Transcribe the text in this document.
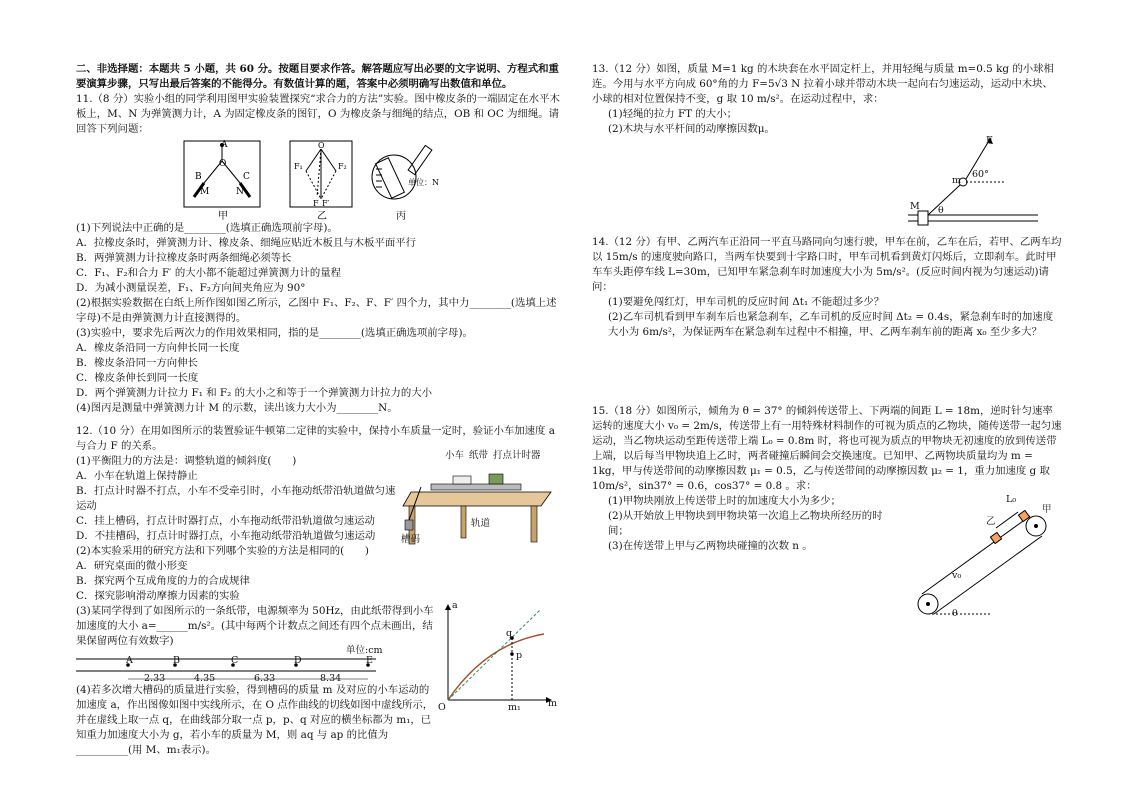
二、非选择题：本题共 5 小题，共 60 分。按题目要求作答。解答题应写出必要的文字说明、方程式和重要演算步骤，只写出最后答案的不能得分。有数值计算的题，答案中必须明确写出数值和单位。

11.（8 分）实验小组的同学利用图甲实验装置探究“求合力的方法”实验。图中橡皮条的一端固定在水平木板上，M、N 为弹簧测力计，A 为固定橡皮条的图钉，O 为橡皮条与细绳的结点，OB 和 OC 为细绳。请回答下列问题：

A
O
B	C
M	N
甲
O
F₁	F₂
F F′
乙
单位：N
丙

(1)下列说法中正确的是________(选填正确选项前字母)。

A．拉橡皮条时，弹簧测力计、橡皮条、细绳应贴近木板且与木板平面平行

B．两弹簧测力计拉橡皮条时两条细绳必须等长

C．F₁、F₂和合力 F′ 的大小都不能超过弹簧测力计的量程

D．为减小测量误差，F₁、F₂方向间夹角应为 90°

(2)根据实验数据在白纸上所作图如图乙所示，乙图中 F₁、F₂、F、F′ 四个力，其中力________(选填上述字母)不是由弹簧测力计直接测得的。

(3)实验中，要求先后两次力的作用效果相同，指的是________(选填正确选项前字母)。

A．橡皮条沿同一方向伸长同一长度

B．橡皮条沿同一方向伸长

C．橡皮条伸长到同一长度

D．两个弹簧测力计拉力 F₁ 和 F₂ 的大小之和等于一个弹簧测力计拉力的大小

(4)图丙是测量中弹簧测力计 M 的示数，读出该力大小为________N。

12.（10 分）在用如图所示的装置验证牛顿第二定律的实验中，保持小车质量一定时，验证小车加速度 a 与合力 F 的关系。

(1)平衡阻力的方法是：调整轨道的倾斜度(　　)

A．小车在轨道上保持静止

B．打点计时器不打点，小车不受牵引时，小车拖动纸带沿轨道做匀速运动

C．挂上槽码，打点计时器打点，小车拖动纸带沿轨道做匀速运动

D．不挂槽码，打点计时器打点，小车拖动纸带沿轨道做匀速运动

(2)本实验采用的研究方法和下列哪个实验的方法是相同的(　　)

A．研究桌面的微小形变

B．探究两个互成角度的力的合成规律

C．探究影响滑动摩擦力因素的实验

小车 纸带 打点计时器
轨道
槽码

(3)某同学得到了如图所示的一条纸带，电源频率为 50Hz，由此纸带得到小车加速度的大小 a=______m/s²。(其中每两个计数点之间还有四个点未画出，结果保留两位有效数字)

单位:cm
A	B	C	D	E
2.33	4.35	6.33	8.34

(4)若多次增大槽码的质量进行实验，得到槽码的质量 m 及对应的小车运动的加速度 a，作出图像如图中实线所示，在 O 点作曲线的切线如图中虚线所示，并在虚线上取一点 q，在曲线部分取一点 p，p、q 对应的横坐标都为 m₁，已知重力加速度大小为 g，若小车的质量为 M，则 aq 与 ap 的比值为__________(用 M、m₁表示)。

a
m
O
q
p
m₁

13.（12 分）如图，质量 M=1 kg 的木块套在水平固定杆上，并用轻绳与质量 m=0.5 kg 的小球相连。今用与水平方向成 60°角的力 F=5√3 N 拉着小球并带动木块一起向右匀速运动，运动中木块、小球的相对位置保持不变，g 取 10 m/s²。在运动过程中，求：

(1)轻绳的拉力 FT 的大小；

(2)木块与水平杆间的动摩擦因数μ。

F
m
60°
M θ

14.（12 分）有甲、乙两汽车正沿同一平直马路同向匀速行驶，甲车在前，乙车在后，若甲、乙两车均以 15m/s 的速度驶向路口，当两车快要到十字路口时，甲车司机看到黄灯闪烁后，立即刹车。此时甲车车头距停车线 L=30m，已知甲车紧急刹车时加速度大小为 5m/s²。(反应时间内视为匀速运动)请问：

(1)要避免闯红灯，甲车司机的反应时间 Δt₁ 不能超过多少？

(2)乙车司机看到甲车刹车后也紧急刹车，乙车司机的反应时间 Δt₂ = 0.4s，紧急刹车时的加速度大小为 6m/s²，为保证两车在紧急刹车过程中不相撞，甲、乙两车刹车前的距离 x₀ 至少多大？

15.（18 分）如图所示，倾角为 θ = 37° 的倾斜传送带上、下两端的间距 L = 18m，逆时针匀速率运转的速度大小 v₀ = 2m/s，传送带上有一用特殊材料制作的可视为质点的乙物块，随传送带一起匀速运动，当乙物块运动至距传送带上端 L₀ = 0.8m 时，将也可视为质点的甲物块无初速度的放到传送带上端，以后每当甲物块追上乙时，两者碰撞后瞬间会交换速度。已知甲、乙两物块质量均为 m = 1kg，甲与传送带间的动摩擦因数 μ₁ = 0.5，乙与传送带间的动摩擦因数 μ₂ = 1，重力加速度 g 取 10m/s²，sin37° = 0.6，cos37° = 0.8 。求：

(1)甲物块刚放上传送带上时的加速度大小为多少；

(2)从开始放上甲物块到甲物块第一次追上乙物块所经历的时间；

(3)在传送带上甲与乙两物块碰撞的次数 n 。

L₀
甲
乙
v₀
θ
